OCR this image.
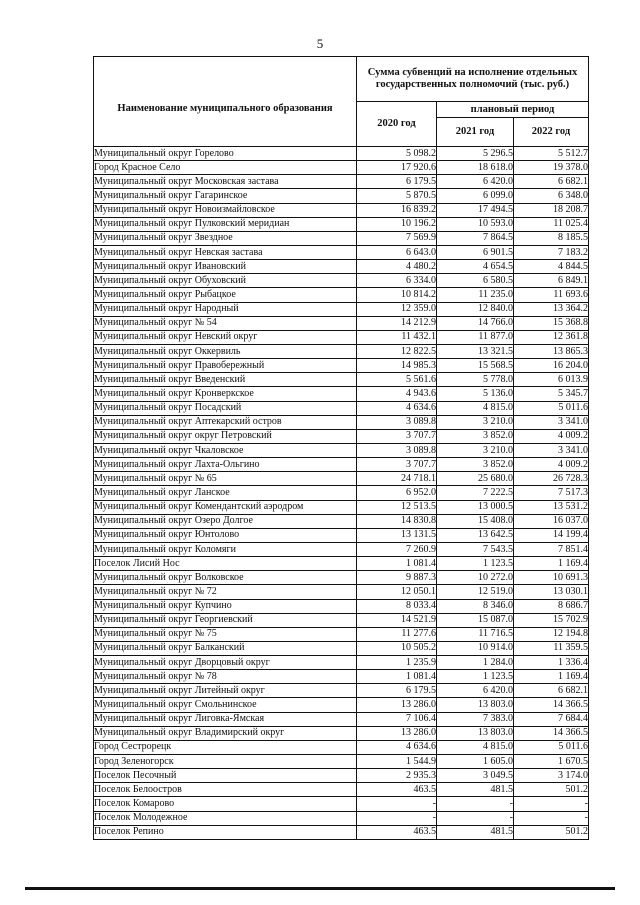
5
Наименование муниципального образования	Сумма субвенций на исполнение отдельных государственных полномочий (тыс. руб.)		
	2020 год	плановый период	
		2021 год	2022 год
Муниципальный округ Горелово	5 098.2	5 296.5	5 512.7
Город Красное Село	17 920.6	18 618.0	19 378.0
Муниципальный округ Московская застава	6 179.5	6 420.0	6 682.1
Муниципальный округ Гагаринское	5 870.5	6 099.0	6 348.0
Муниципальный округ Новоизмайловское	16 839.2	17 494.5	18 208.7
Муниципальный округ Пулковский меридиан	10 196.2	10 593.0	11 025.4
Муниципальный округ Звездное	7 569.9	7 864.5	8 185.5
Муниципальный округ Невская застава	6 643.0	6 901.5	7 183.2
Муниципальный округ Ивановский	4 480.2	4 654.5	4 844.5
Муниципальный округ Обуховский	6 334.0	6 580.5	6 849.1
Муниципальный округ Рыбацкое	10 814.2	11 235.0	11 693.6
Муниципальный округ Народный	12 359.0	12 840.0	13 364.2
Муниципальный округ № 54	14 212.9	14 766.0	15 368.8
Муниципальный округ Невский округ	11 432.1	11 877.0	12 361.8
Муниципальный округ Оккервиль	12 822.5	13 321.5	13 865.3
Муниципальный округ Правобережный	14 985.3	15 568.5	16 204.0
Муниципальный округ Введенский	5 561.6	5 778.0	6 013.9
Муниципальный округ Кронверкское	4 943.6	5 136.0	5 345.7
Муниципальный округ Посадский	4 634.6	4 815.0	5 011.6
Муниципальный округ Аптекарский остров	3 089.8	3 210.0	3 341.0
Муниципальный округ округ Петровский	3 707.7	3 852.0	4 009.2
Муниципальный округ Чкаловское	3 089.8	3 210.0	3 341.0
Муниципальный округ Лахта-Ольгино	3 707.7	3 852.0	4 009.2
Муниципальный округ № 65	24 718.1	25 680.0	26 728.3
Муниципальный округ Ланское	6 952.0	7 222.5	7 517.3
Муниципальный округ Комендантский аэродром	12 513.5	13 000.5	13 531.2
Муниципальный округ Озеро Долгое	14 830.8	15 408.0	16 037.0
Муниципальный округ Юнтолово	13 131.5	13 642.5	14 199.4
Муниципальный округ Коломяги	7 260.9	7 543.5	7 851.4
Поселок Лисий Нос	1 081.4	1 123.5	1 169.4
Муниципальный округ Волковское	9 887.3	10 272.0	10 691.3
Муниципальный округ № 72	12 050.1	12 519.0	13 030.1
Муниципальный округ Купчино	8 033.4	8 346.0	8 686.7
Муниципальный округ Георгиевский	14 521.9	15 087.0	15 702.9
Муниципальный округ № 75	11 277.6	11 716.5	12 194.8
Муниципальный округ Балканский	10 505.2	10 914.0	11 359.5
Муниципальный округ Дворцовый округ	1 235.9	1 284.0	1 336.4
Муниципальный округ № 78	1 081.4	1 123.5	1 169.4
Муниципальный округ Литейный округ	6 179.5	6 420.0	6 682.1
Муниципальный округ Смольнинское	13 286.0	13 803.0	14 366.5
Муниципальный округ Лиговка-Ямская	7 106.4	7 383.0	7 684.4
Муниципальный округ Владимирский округ	13 286.0	13 803.0	14 366.5
Город Сестрорецк	4 634.6	4 815.0	5 011.6
Город Зеленогорск	1 544.9	1 605.0	1 670.5
Поселок Песочный	2 935.3	3 049.5	3 174.0
Поселок Белоостров	463.5	481.5	501.2
Поселок Комарово	-	-	-
Поселок Молодежное	-	-	-
Поселок Репино	463.5	481.5	501.2
